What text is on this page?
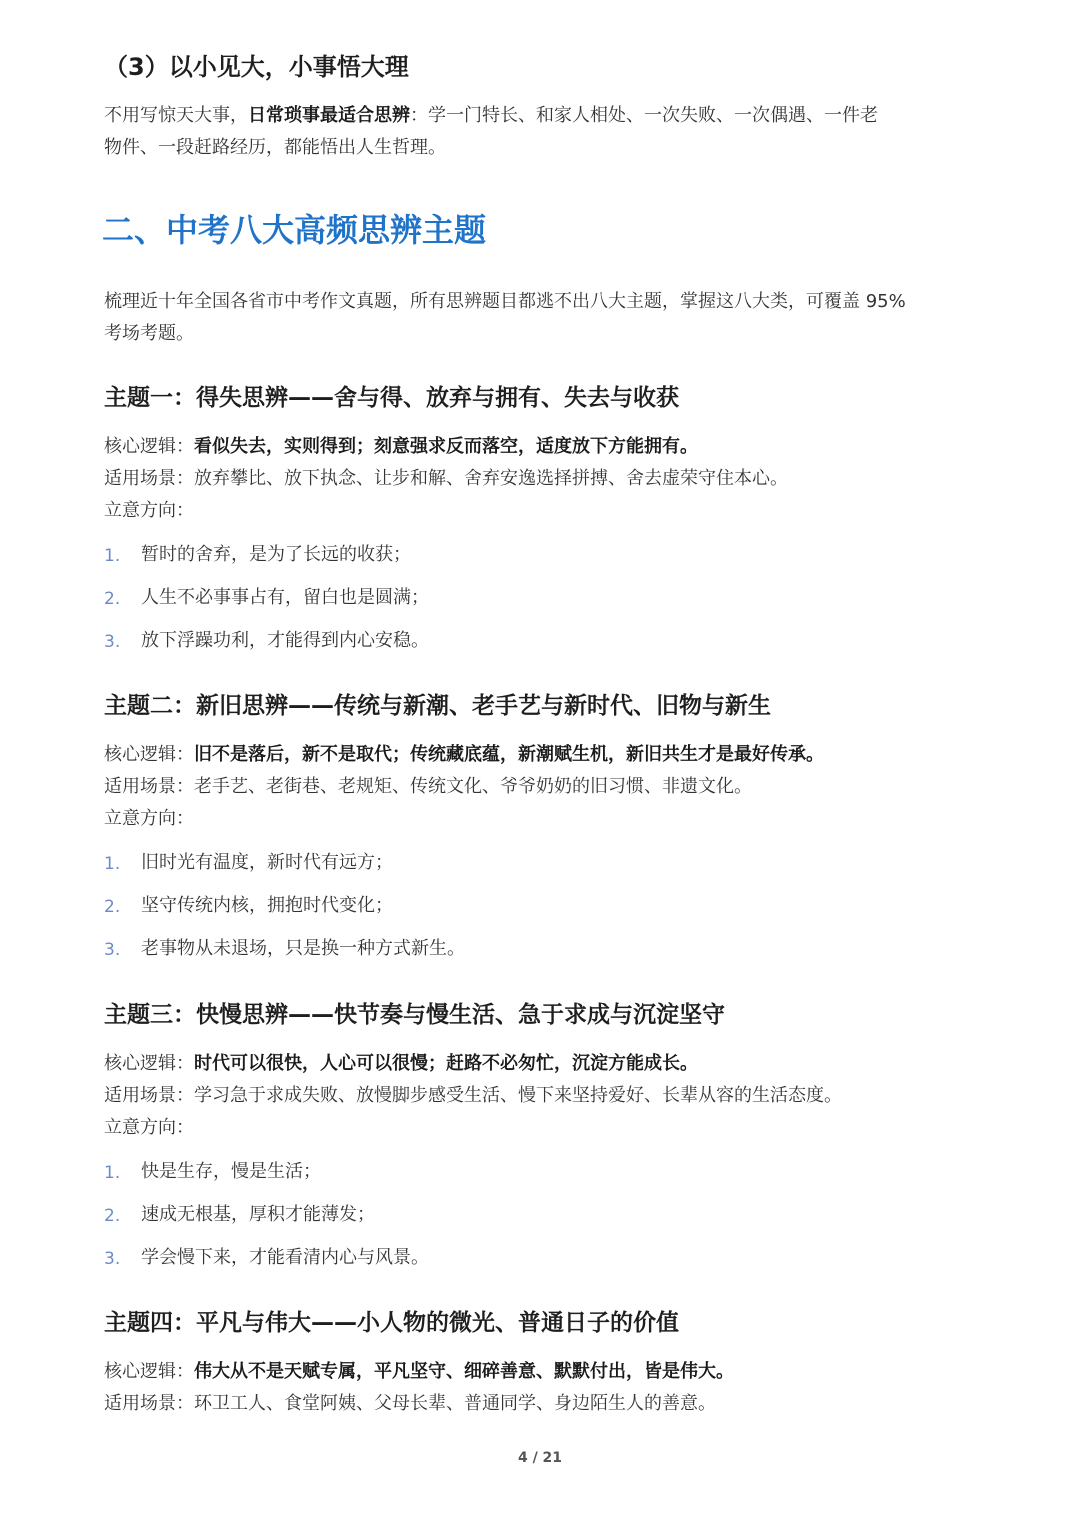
（3）以小见大，小事悟大理
不用写惊天大事，日常琐事最适合思辨：学一门特长、和家人相处、一次失败、一次偶遇、一件老
物件、一段赶路经历，都能悟出人生哲理。
二、中考八大高频思辨主题
梳理近十年全国各省市中考作文真题，所有思辨题目都逃不出八大主题，掌握这八大类，可覆盖 95%
考场考题。
主题一：得失思辨——舍与得、放弃与拥有、失去与收获
核心逻辑：看似失去，实则得到；刻意强求反而落空，适度放下方能拥有。
适用场景：放弃攀比、放下执念、让步和解、舍弃安逸选择拼搏、舍去虚荣守住本心。
立意方向：
1. 暂时的舍弃，是为了长远的收获；
2. 人生不必事事占有，留白也是圆满；
3. 放下浮躁功利，才能得到内心安稳。
主题二：新旧思辨——传统与新潮、老手艺与新时代、旧物与新生
核心逻辑：旧不是落后，新不是取代；传统藏底蕴，新潮赋生机，新旧共生才是最好传承。
适用场景：老手艺、老街巷、老规矩、传统文化、爷爷奶奶的旧习惯、非遗文化。
立意方向：
1. 旧时光有温度，新时代有远方；
2. 坚守传统内核，拥抱时代变化；
3. 老事物从未退场，只是换一种方式新生。
主题三：快慢思辨——快节奏与慢生活、急于求成与沉淀坚守
核心逻辑：时代可以很快，人心可以很慢；赶路不必匆忙，沉淀方能成长。
适用场景：学习急于求成失败、放慢脚步感受生活、慢下来坚持爱好、长辈从容的生活态度。
立意方向：
1. 快是生存，慢是生活；
2. 速成无根基，厚积才能薄发；
3. 学会慢下来，才能看清内心与风景。
主题四：平凡与伟大——小人物的微光、普通日子的价值
核心逻辑：伟大从不是天赋专属，平凡坚守、细碎善意、默默付出，皆是伟大。
适用场景：环卫工人、食堂阿姨、父母长辈、普通同学、身边陌生人的善意。
4 / 21
